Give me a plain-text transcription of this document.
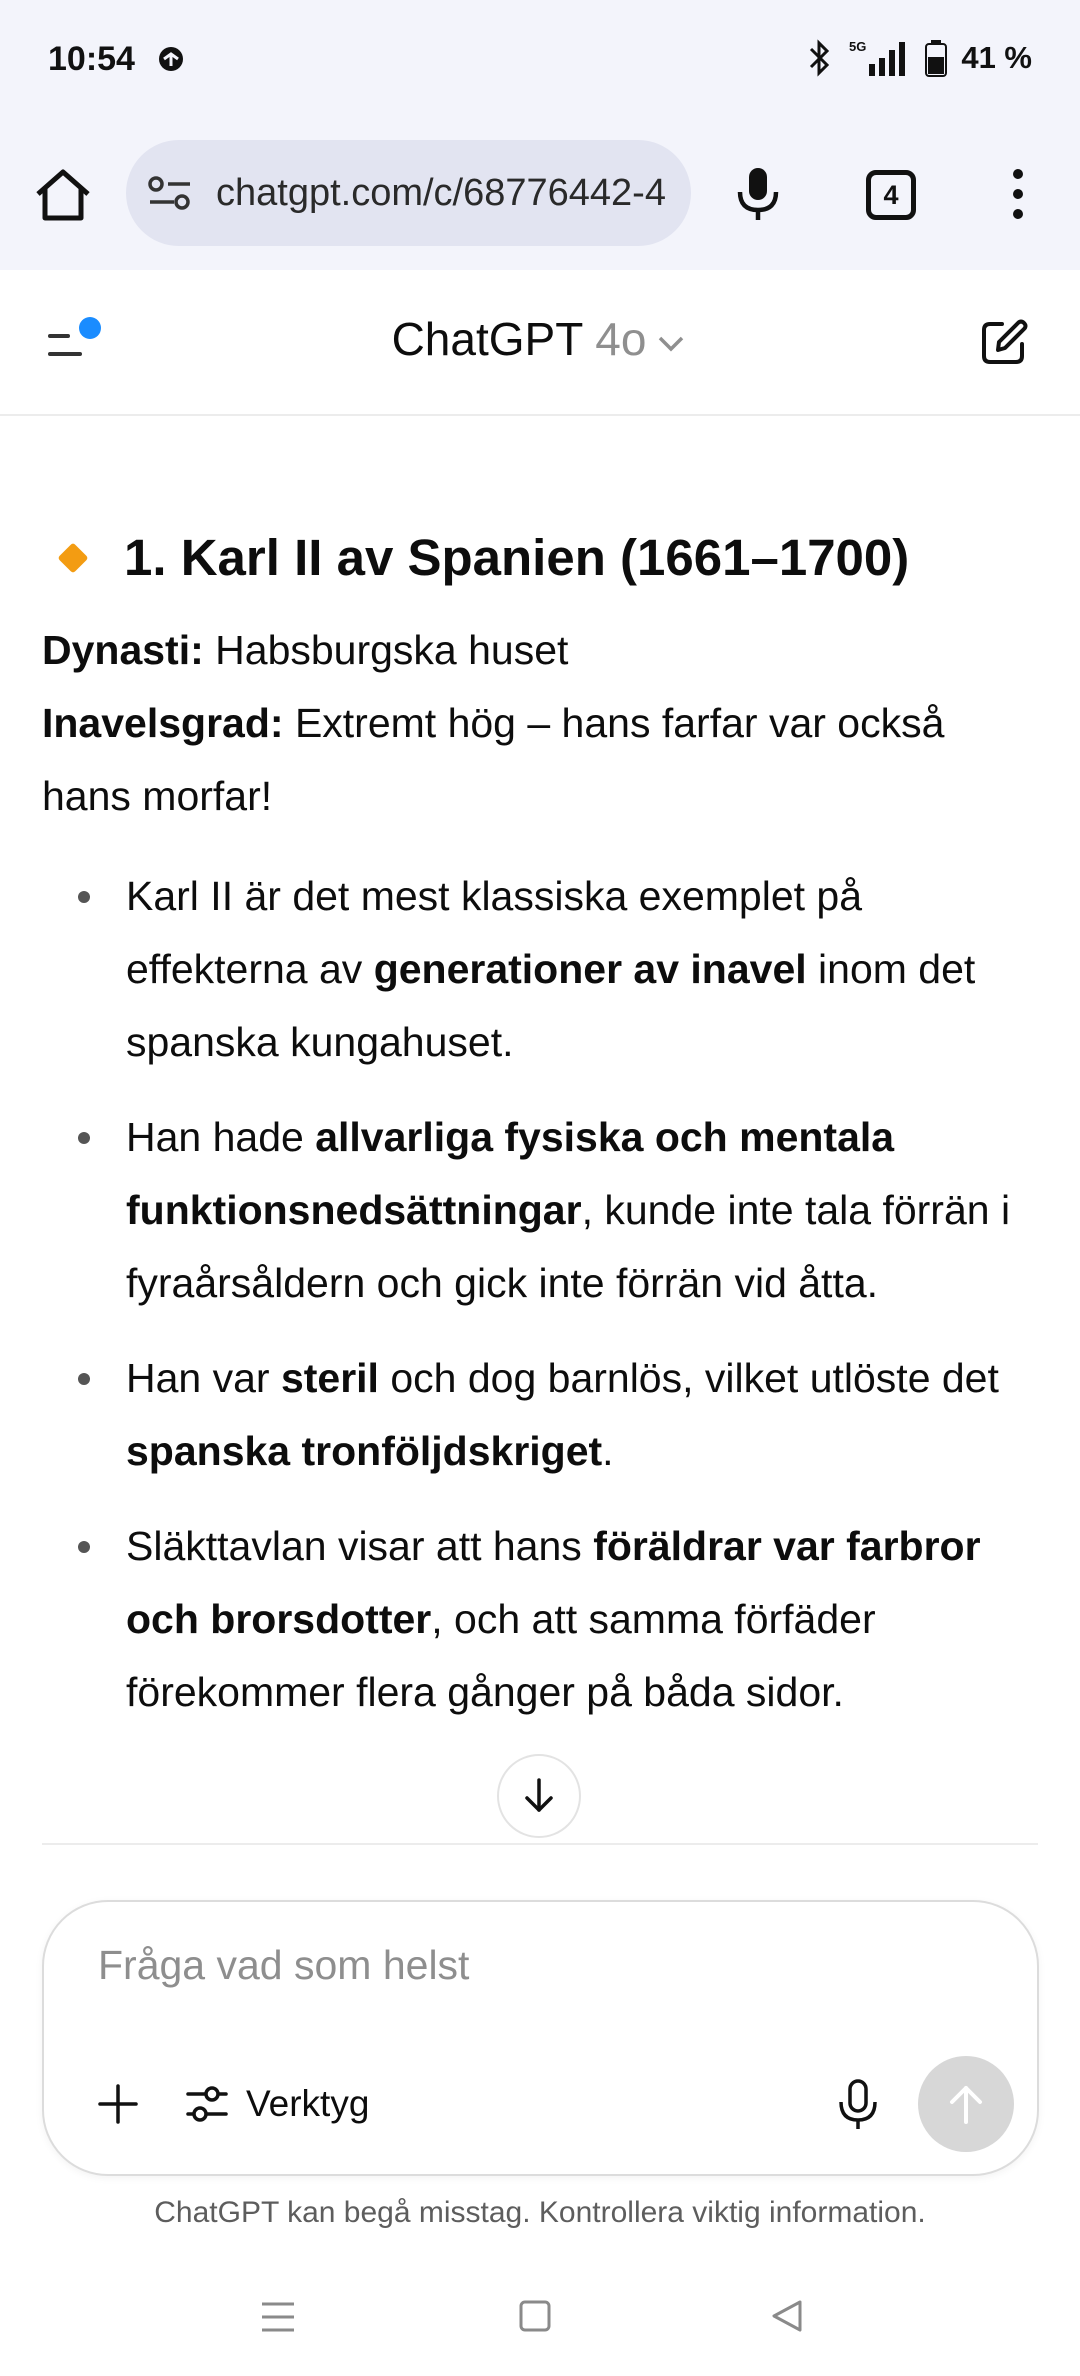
10:54	5G	41 %
chatgpt.com/c/68776442-4	4
ChatGPT 4o
1. Karl II av Spanien (1661–1700)
Dynasti: Habsburgska huset
Inavelsgrad: Extremt hög – hans farfar var också hans morfar!
Karl II är det mest klassiska exemplet på effekterna av generationer av inavel inom det spanska kungahuset.
Han hade allvarliga fysiska och mentala funktionsnedsättningar, kunde inte tala förrän i fyraårsåldern och gick inte förrän vid åtta.
Han var steril och dog barnlös, vilket utlöste det spanska tronföljdskriget.
Släkttavlan visar att hans föräldrar var farbror och brorsdotter, och att samma förfäder förekommer flera gånger på båda sidor.
Fråga vad som helst
Verktyg
ChatGPT kan begå misstag. Kontrollera viktig information.
